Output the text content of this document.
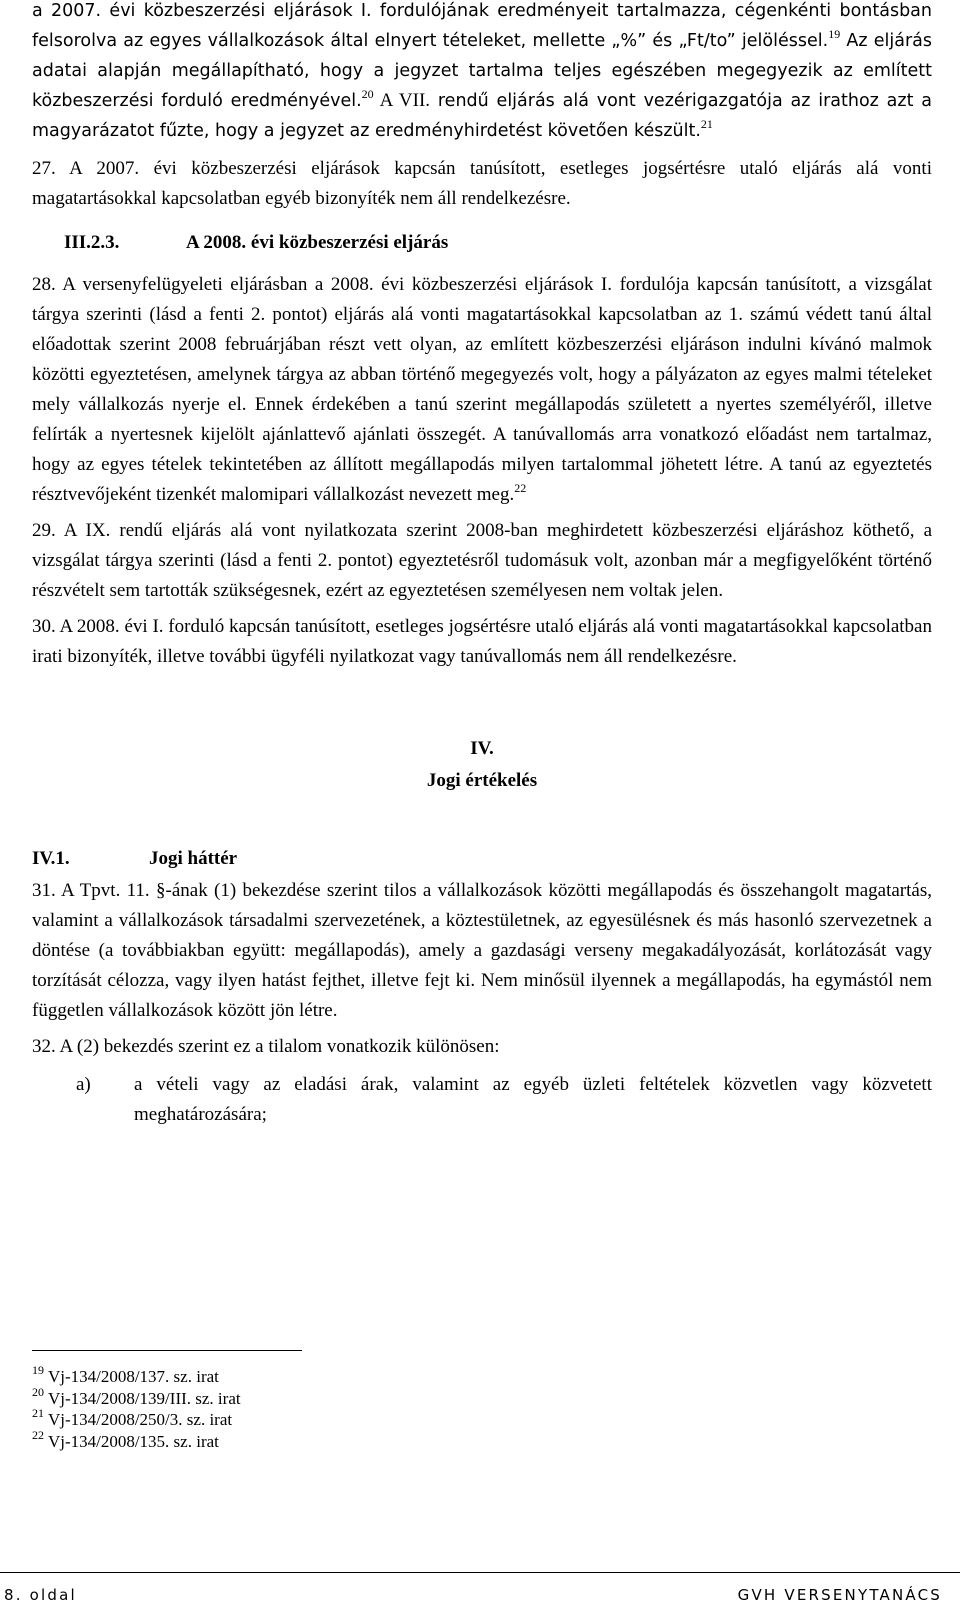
a 2007. évi közbeszerzési eljárások I. fordulójának eredményeit tartalmazza, cégenkénti bontásban felsorolva az egyes vállalkozások által elnyert tételeket, mellette „%” és „Ft/to” jelöléssel.$^{19}$ Az eljárás adatai alapján megállapítható, hogy a jegyzet tartalma teljes egészében megegyezik az említett közbeszerzési forduló eredményével.$^{20}$ A VII. rendű eljárás alá vont vezérigazgatója az irathoz azt a magyarázatot fűzte, hogy a jegyzet az eredményhirdetést követően készült.$^{21}$

27. A 2007. évi közbeszerzési eljárások kapcsán tanúsított, esetleges jogsértésre utaló eljárás alá vonti magatartásokkal kapcsolatban egyéb bizonyíték nem áll rendelkezésre.

III.2.3.	A 2008. évi közbeszerzési eljárás

28. A versenyfelügyeleti eljárásban a 2008. évi közbeszerzési eljárások I. fordulója kapcsán tanúsított, a vizsgálat tárgya szerinti (lásd a fenti 2. pontot) eljárás alá vonti magatartásokkal kapcsolatban az 1. számú védett tanú által előadottak szerint 2008 februárjában részt vett olyan, az említett közbeszerzési eljáráson indulni kívánó malmok közötti egyeztetésen, amelynek tárgya az abban történő megegyezés volt, hogy a pályázaton az egyes malmi tételeket mely vállalkozás nyerje el. Ennek érdekében a tanú szerint megállapodás született a nyertes személyéről, illetve felírták a nyertesnek kijelölt ajánlattevő ajánlati összegét. A tanúvallomás arra vonatkozó előadást nem tartalmaz, hogy az egyes tételek tekintetében az állított megállapodás milyen tartalommal jöhetett létre. A tanú az egyeztetés résztvevőjeként tizenkét malomipari vállalkozást nevezett meg.$^{22}$

29. A IX. rendű eljárás alá vont nyilatkozata szerint 2008-ban meghirdetett közbeszerzési eljáráshoz köthető, a vizsgálat tárgya szerinti (lásd a fenti 2. pontot) egyeztetésről tudomásuk volt, azonban már a megfigyelőként történő részvételt sem tartották szükségesnek, ezért az egyeztetésen személyesen nem voltak jelen.

30. A 2008. évi I. forduló kapcsán tanúsított, esetleges jogsértésre utaló eljárás alá vonti magatartásokkal kapcsolatban irati bizonyíték, illetve további ügyféli nyilatkozat vagy tanúvallomás nem áll rendelkezésre.

IV.
Jogi értékelés
IV.1.	Jogi háttér

31. A Tpvt. 11. §-ának (1) bekezdése szerint tilos a vállalkozások közötti megállapodás és összehangolt magatartás, valamint a vállalkozások társadalmi szervezetének, a köztestületnek, az egyesülésnek és más hasonló szervezetnek a döntése (a továbbiakban együtt: megállapodás), amely a gazdasági verseny megakadályozását, korlátozását vagy torzítását célozza, vagy ilyen hatást fejthet, illetve fejt ki. Nem minősül ilyennek a megállapodás, ha egymástól nem független vállalkozások között jön létre.

32. A (2) bekezdés szerint ez a tilalom vonatkozik különösen:

a)	a vételi vagy az eladási árak, valamint az egyéb üzleti feltételek közvetlen vagy közvetett meghatározására;
$^{19}$ Vj-134/2008/137. sz. irat
$^{20}$ Vj-134/2008/139/III. sz. irat
$^{21}$ Vj-134/2008/250/3. sz. irat
$^{22}$ Vj-134/2008/135. sz. irat
8. oldal	GVH VERSENYTANÁCS
